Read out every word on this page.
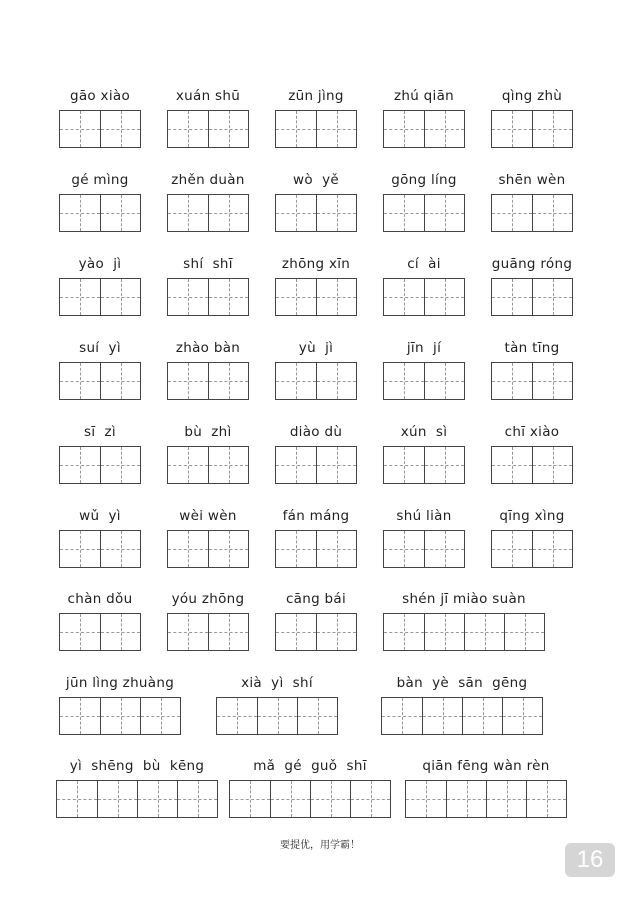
gāo xiào	xuán shū	zūn jìng	zhú qiān	qìng zhù
gé mìng	zhěn duàn	wò  yě	gōng líng	shēn wèn
yào  jì	shí  shī	zhōng xīn	cí  ài	guāng róng
suí  yì	zhào bàn	yù  jì	jīn  jí	tàn tīng
sī  zì	bù  zhì	diào dù	xún  sì	chī xiào
wǔ  yì	wèi wèn	fán máng	shú liàn	qīng xìng
chàn dǒu	yóu zhōng	cāng bái	shén jī miào suàn
jūn lìng zhuàng	xià  yì  shí	bàn  yè  sān  gēng
yì  shēng  bù  kēng	mǎ  gé  guǒ  shī	qiān fēng wàn rèn
要提优，用学霸！
16
